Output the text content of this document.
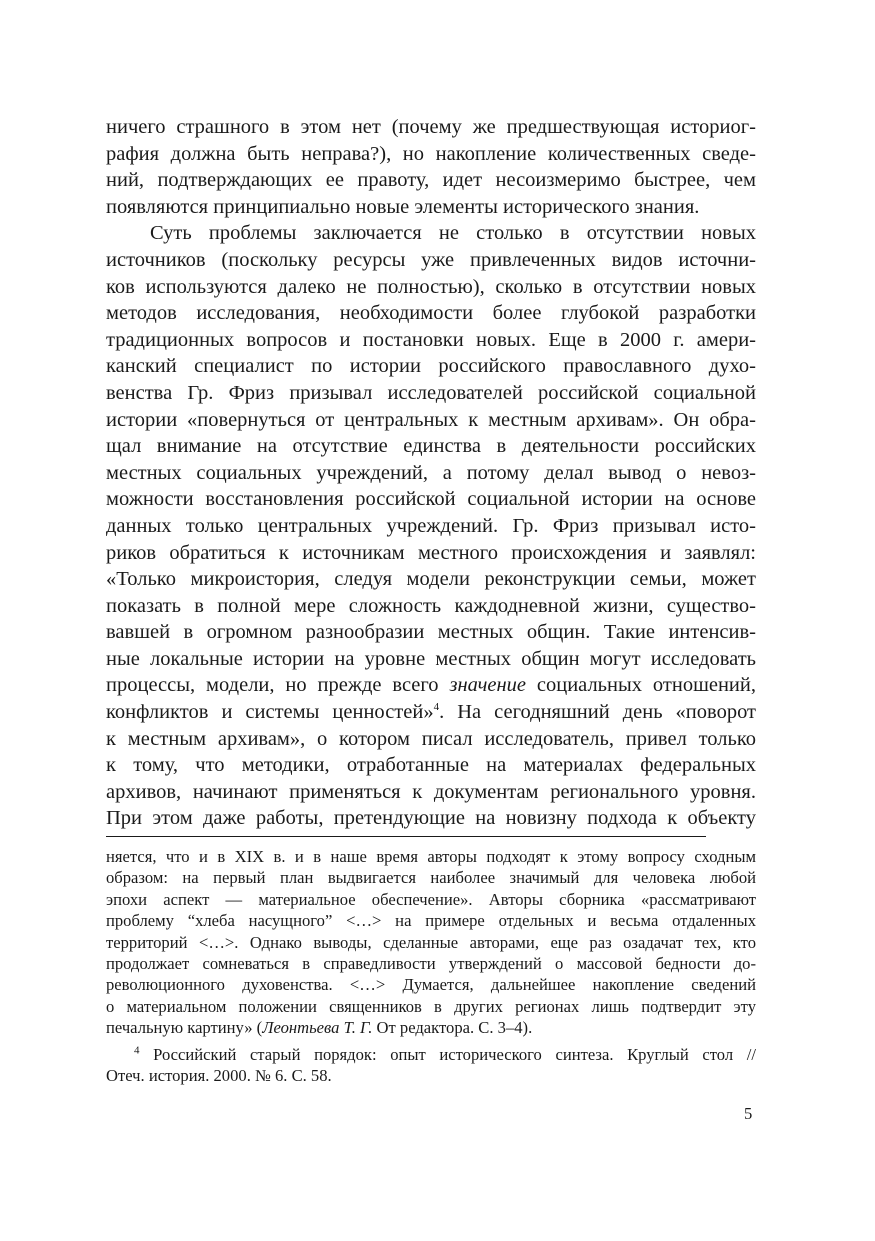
ничего страшного в этом нет (почему же предшествующая историог-
рафия должна быть неправа?), но накопление количественных сведе-
ний, подтверждающих ее правоту, идет несоизмеримо быстрее, чем
появляются принципиально новые элементы исторического знания.
Суть проблемы заключается не столько в отсутствии новых
источников (поскольку ресурсы уже привлеченных видов источни-
ков используются далеко не полностью), сколько в отсутствии новых
методов исследования, необходимости более глубокой разработки
традиционных вопросов и постановки новых. Еще в 2000 г. амери-
канский специалист по истории российского православного духо-
венства Гр. Фриз призывал исследователей российской социальной
истории «повернуться от центральных к местным архивам». Он обра-
щал внимание на отсутствие единства в деятельности российских
местных социальных учреждений, а потому делал вывод о невоз-
можности восстановления российской социальной истории на основе
данных только центральных учреждений. Гр. Фриз призывал исто-
риков обратиться к источникам местного происхождения и заявлял:
«Только микроистория, следуя модели реконструкции семьи, может
показать в полной мере сложность каждодневной жизни, существо-
вавшей в огромном разнообразии местных общин. Такие интенсив-
ные локальные истории на уровне местных общин могут исследовать
процессы, модели, но прежде всего значение социальных отношений,
конфликтов и системы ценностей»$^4$. На сегодняшний день «поворот
к местным архивам», о котором писал исследователь, привел только
к тому, что методики, отработанные на материалах федеральных
архивов, начинают применяться к документам регионального уровня.
При этом даже работы, претендующие на новизну подхода к объекту
няется, что и в XIX в. и в наше время авторы подходят к этому вопросу сходным
образом: на первый план выдвигается наиболее значимый для человека любой
эпохи аспект — материальное обеспечение». Авторы сборника «рассматривают
проблему “хлеба насущного” <…> на примере отдельных и весьма отдаленных
территорий <…>. Однако выводы, сделанные авторами, еще раз озадачат тех, кто
продолжает сомневаться в справедливости утверждений о массовой бедности до-
революционного духовенства. <…> Думается, дальнейшее накопление сведений
о материальном положении священников в других регионах лишь подтвердит эту
печальную картину» (Леонтьева Т. Г. От редактора. С. 3–4).
$^4$ Российский старый порядок: опыт исторического синтеза. Круглый стол //
Отеч. история. 2000. № 6. С. 58.
5
